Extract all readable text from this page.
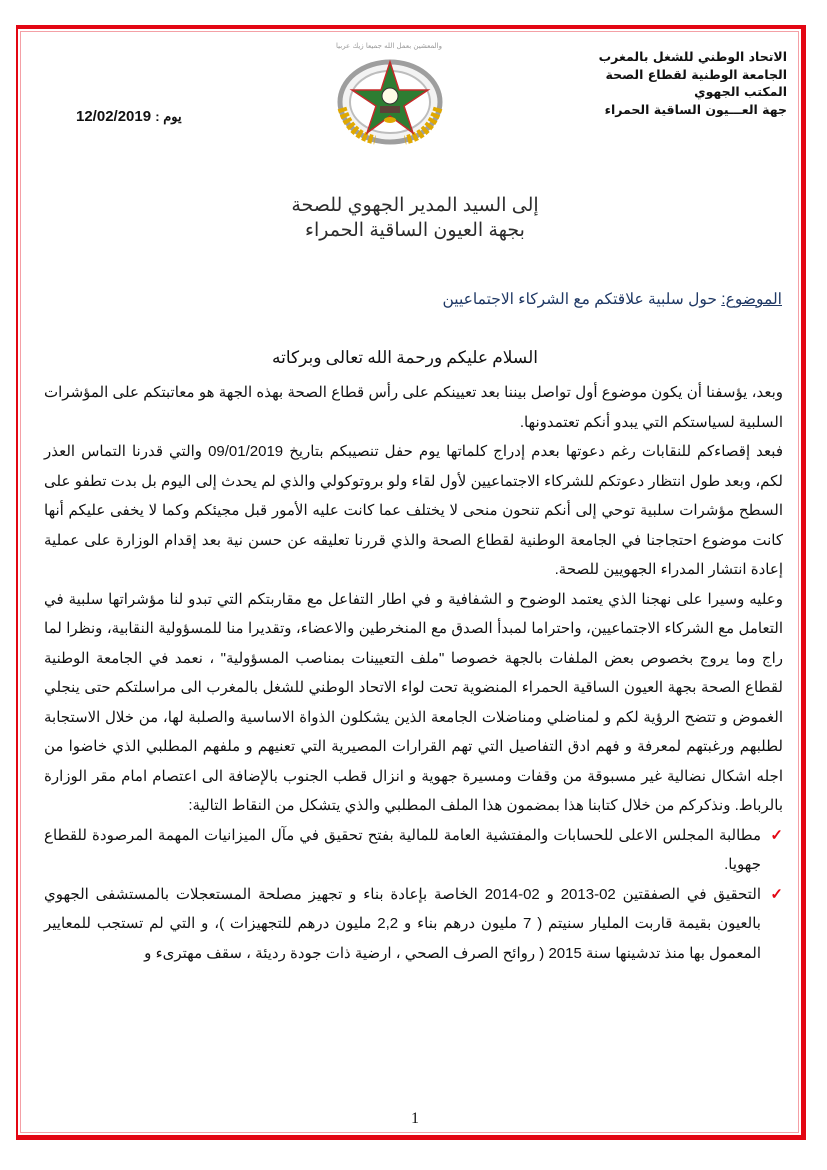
الاتحاد الوطني للشغل بالمغرب
الجامعة الوطنية لقطاع الصحة
المكتب الجهوي
جهة العـــيون الساقية الحمراء
والمعشين بعمل الله جميعا زيك عربيا
يوم : 12/02/2019
إلى السيد المدير الجهوي للصحة
بجهة العيون الساقية الحمراء
الموضوع: حول سلبية علاقتكم مع الشركاء الاجتماعيين
السلام عليكم ورحمة الله تعالى وبركاته

وبعد، يؤسفنا أن يكون موضوع أول تواصل بيننا بعد تعيينكم على رأس قطاع الصحة بهذه الجهة هو معاتبتكم على المؤشرات السلبية لسياستكم التي يبدو أنكم تعتمدونها.

فبعد إقصاءكم للنقابات رغم دعوتها بعدم إدراج كلماتها يوم حفل تنصيبكم بتاريخ 09/01/2019 والتي قدرنا التماس العذر لكم، وبعد طول انتظار دعوتكم للشركاء الاجتماعيين لأول لقاء ولو بروتوكولي والذي لم يحدث إلى اليوم بل بدت تطفو على السطح مؤشرات سلبية توحي إلى أنكم تنحون منحى لا يختلف عما كانت عليه الأمور قبل مجيئكم وكما لا يخفى عليكم أنها كانت موضوع احتجاجنا في الجامعة الوطنية لقطاع الصحة والذي قررنا تعليقه عن حسن نية بعد إقدام الوزارة على عملية إعادة انتشار المدراء الجهويين للصحة.

وعليه وسيرا على نهجنا الذي يعتمد الوضوح و الشفافية و في اطار التفاعل مع مقاربتكم التي تبدو لنا مؤشراتها سلبية في التعامل مع الشركاء الاجتماعيين، واحتراما لمبدأ الصدق مع المنخرطين والاعضاء، وتقديرا منا للمسؤولية النقابية، ونظرا لما راج وما يروج بخصوص بعض الملفات بالجهة خصوصا "ملف التعيينات بمناصب المسؤولية" ، نعمد في الجامعة الوطنية لقطاع الصحة بجهة العيون الساقية الحمراء المنضوية تحت لواء الاتحاد الوطني للشغل بالمغرب الى مراسلتكم حتى ينجلي الغموض و تتضح الرؤية لكم و لمناضلي ومناضلات الجامعة الذين يشكلون الذواة الاساسية والصلبة لها، من خلال الاستجابة لطلبهم ورغبتهم لمعرفة و فهم ادق التفاصيل التي تهم القرارات المصيرية التي تعنيهم و ملفهم المطلبي الذي خاضوا من اجله اشكال نضالية غير مسبوقة من وقفات ومسيرة جهوية و انزال قطب الجنوب بالإضافة الى اعتصام امام مقر الوزارة بالرباط. ونذكركم من خلال كتابنا هذا بمضمون هذا الملف المطلبي والذي يتشكل من النقاط التالية:

✓
مطالبة المجلس الاعلى للحسابات والمفتشية العامة للمالية بفتح تحقيق في مآل الميزانيات المهمة المرصودة للقطاع جهويا.
✓
التحقيق في الصفقتين 02-2013 و 02-2014 الخاصة بإعادة بناء و تجهيز مصلحة المستعجلات بالمستشفى الجهوي بالعيون بقيمة قاربت المليار سنيتم ( 7 مليون درهم بناء و 2,2 مليون درهم للتجهيزات )، و التي لم تستجب للمعايير المعمول بها منذ تدشينها سنة 2015 ( روائح الصرف الصحي ، ارضية ذات جودة رديئة ، سقف مهترىء و
1
